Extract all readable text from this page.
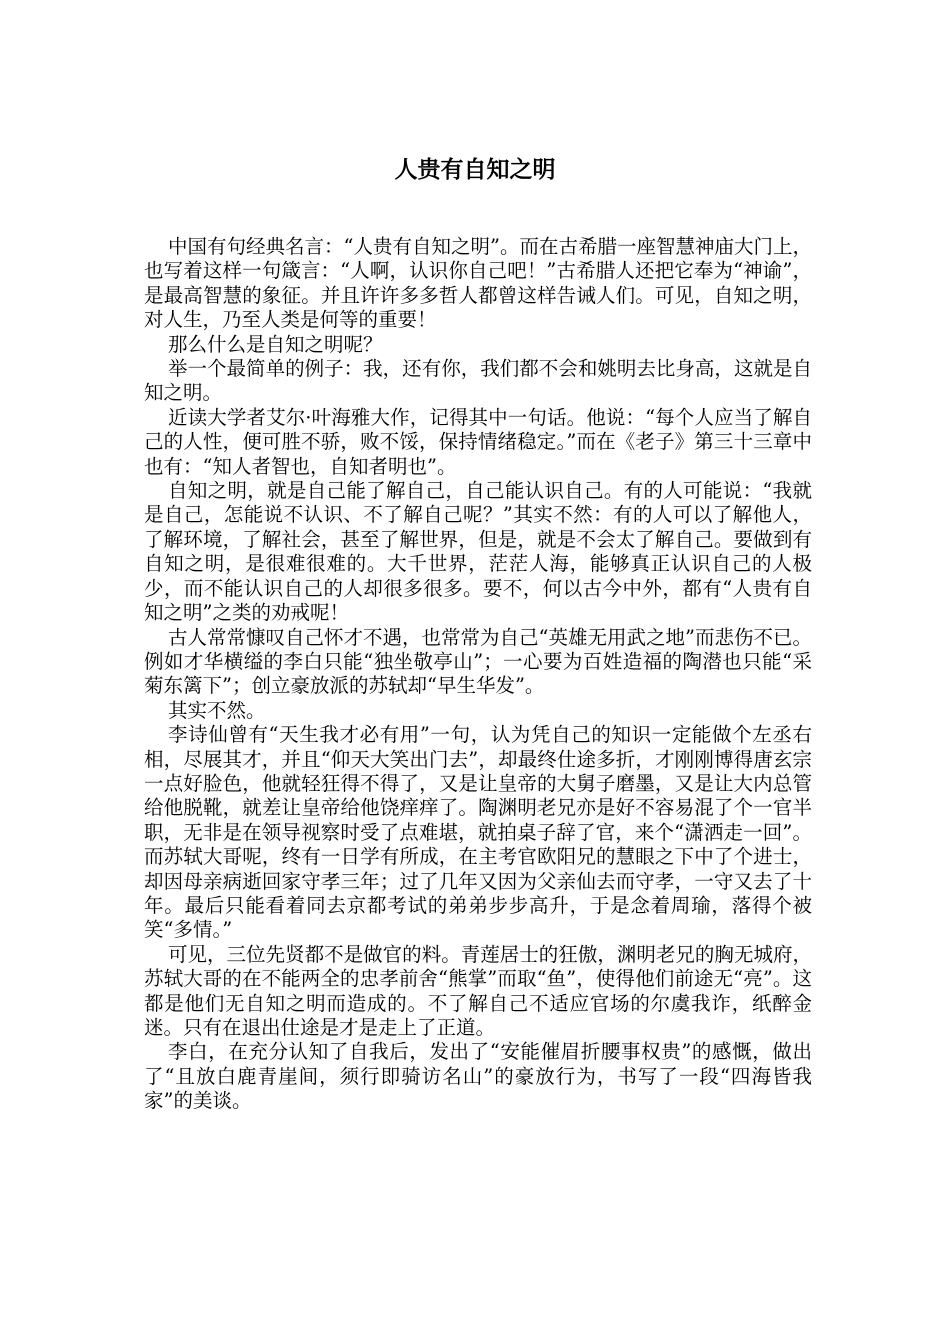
人贵有自知之明

中国有句经典名言：“人贵有自知之明”。而在古希腊一座智慧神庙大门上，也写着这样一句箴言：“人啊，认识你自己吧！”古希腊人还把它奉为“神谕”，是最高智慧的象征。并且许许多多哲人都曾这样告诫人们。可见，自知之明，对人生，乃至人类是何等的重要！

那么什么是自知之明呢？

举一个最简单的例子：我，还有你，我们都不会和姚明去比身高，这就是自知之明。

近读大学者艾尔·叶海雅大作，记得其中一句话。他说：“每个人应当了解自己的人性，便可胜不骄，败不馁，保持情绪稳定。”而在《老子》第三十三章中也有：“知人者智也，自知者明也”。

自知之明，就是自己能了解自己，自己能认识自己。有的人可能说：“我就是自己，怎能说不认识、不了解自己呢？”其实不然：有的人可以了解他人，了解环境，了解社会，甚至了解世界，但是，就是不会太了解自己。要做到有自知之明，是很难很难的。大千世界，茫茫人海，能够真正认识自己的人极少，而不能认识自己的人却很多很多。要不，何以古今中外，都有“人贵有自知之明”之类的劝戒呢！

古人常常慷叹自己怀才不遇，也常常为自己“英雄无用武之地”而悲伤不已。例如才华横缢的李白只能“独坐敬亭山”；一心要为百姓造福的陶潜也只能“采菊东篱下”；创立豪放派的苏轼却“早生华发”。

其实不然。

李诗仙曾有“天生我才必有用”一句，认为凭自己的知识一定能做个左丞右相，尽展其才，并且“仰天大笑出门去”，却最终仕途多折，才刚刚博得唐玄宗一点好脸色，他就轻狂得不得了，又是让皇帝的大舅子磨墨，又是让大内总管给他脱靴，就差让皇帝给他饶痒痒了。陶渊明老兄亦是好不容易混了个一官半职，无非是在领导视察时受了点难堪，就拍桌子辞了官，来个“潇洒走一回”。而苏轼大哥呢，终有一日学有所成，在主考官欧阳兄的慧眼之下中了个进士，却因母亲病逝回家守孝三年；过了几年又因为父亲仙去而守孝，一守又去了十年。最后只能看着同去京都考试的弟弟步步高升，于是念着周瑜，落得个被笑“多情。”

可见，三位先贤都不是做官的料。青莲居士的狂傲，渊明老兄的胸无城府，苏轼大哥的在不能两全的忠孝前舍“熊掌”而取“鱼”，使得他们前途无“亮”。这都是他们无自知之明而造成的。不了解自己不适应官场的尔虞我诈，纸醉金迷。只有在退出仕途是才是走上了正道。

李白，在充分认知了自我后，发出了“安能催眉折腰事权贵”的感慨，做出了“且放白鹿青崖间，须行即骑访名山”的豪放行为，书写了一段“四海皆我家”的美谈。
